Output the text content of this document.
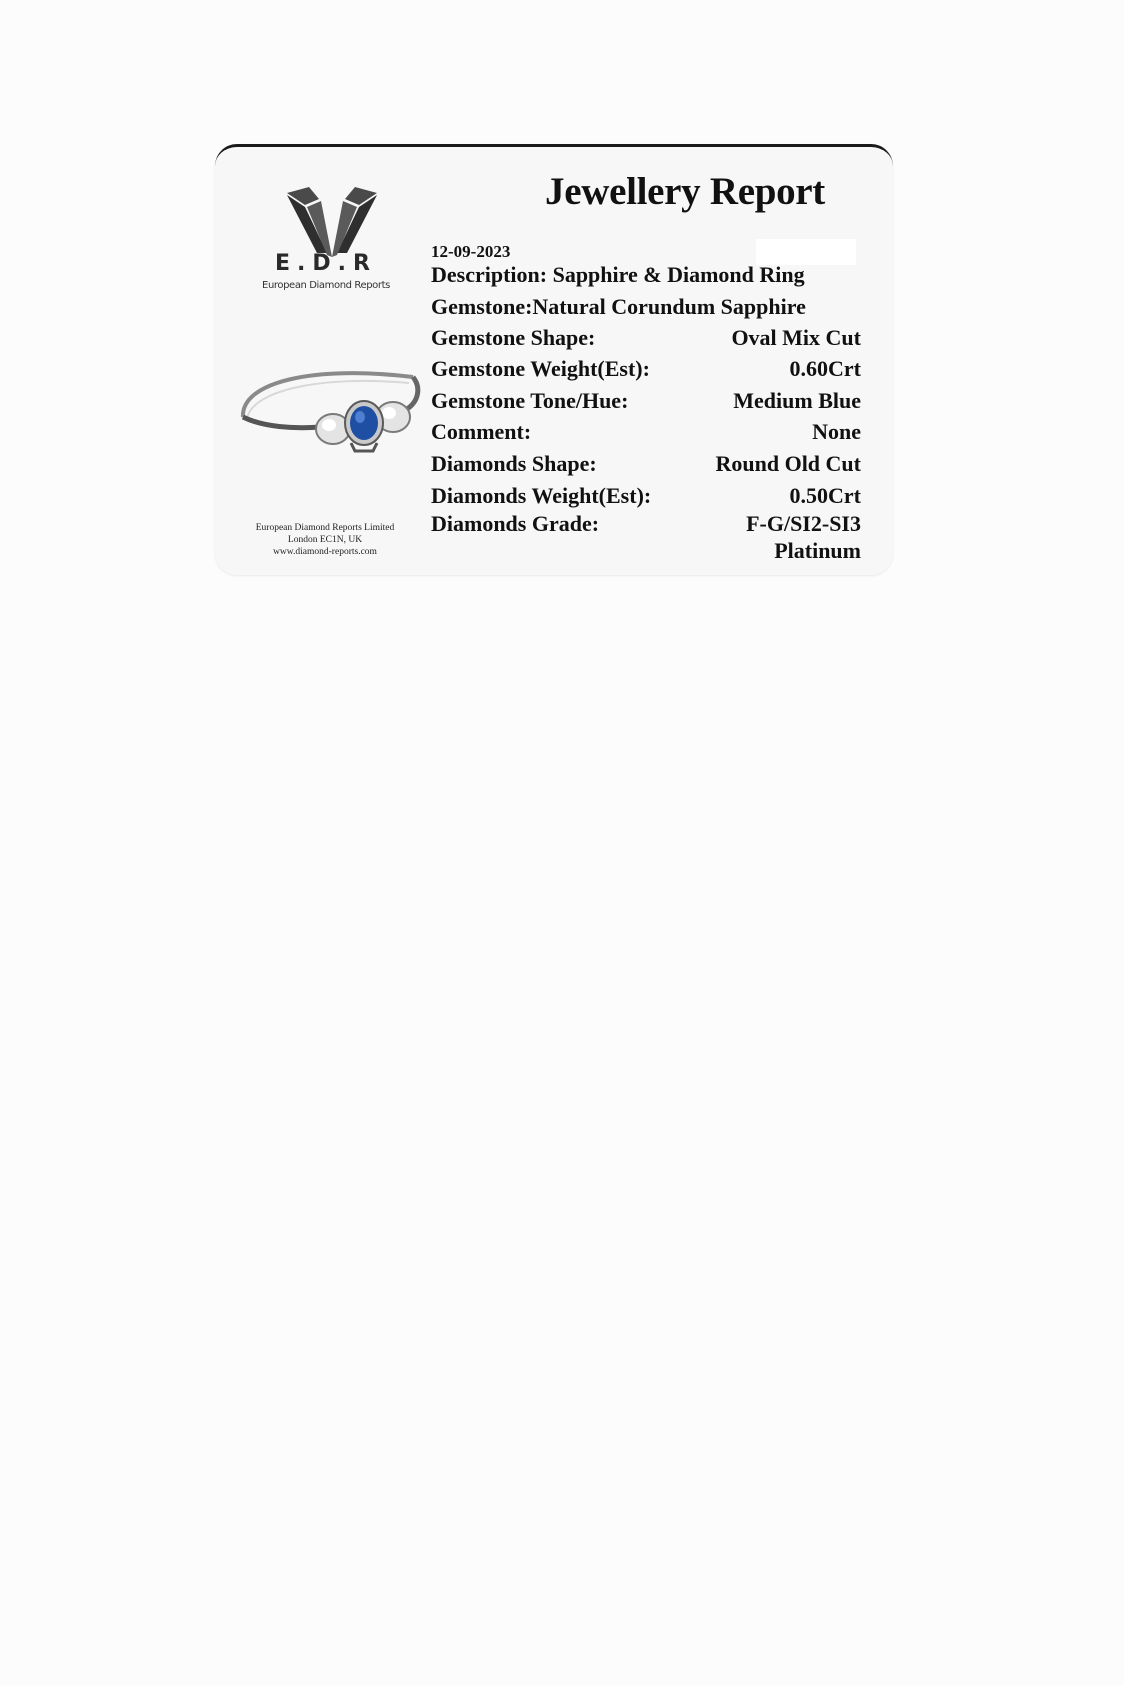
E.D.R
European Diamond Reports
European Diamond Reports Limited
London EC1N, UK
www.diamond-reports.com
Jewellery Report
12-09-2023
Description: Sapphire & Diamond Ring
Gemstone:Natural Corundum Sapphire
Gemstone Shape:	Oval Mix Cut
Gemstone Weight(Est):	0.60Crt
Gemstone Tone/Hue:	Medium Blue
Comment:	None
Diamonds Shape:	Round Old Cut
Diamonds Weight(Est):	0.50Crt
Diamonds Grade:	F-G/SI2-SI3
Platinum
